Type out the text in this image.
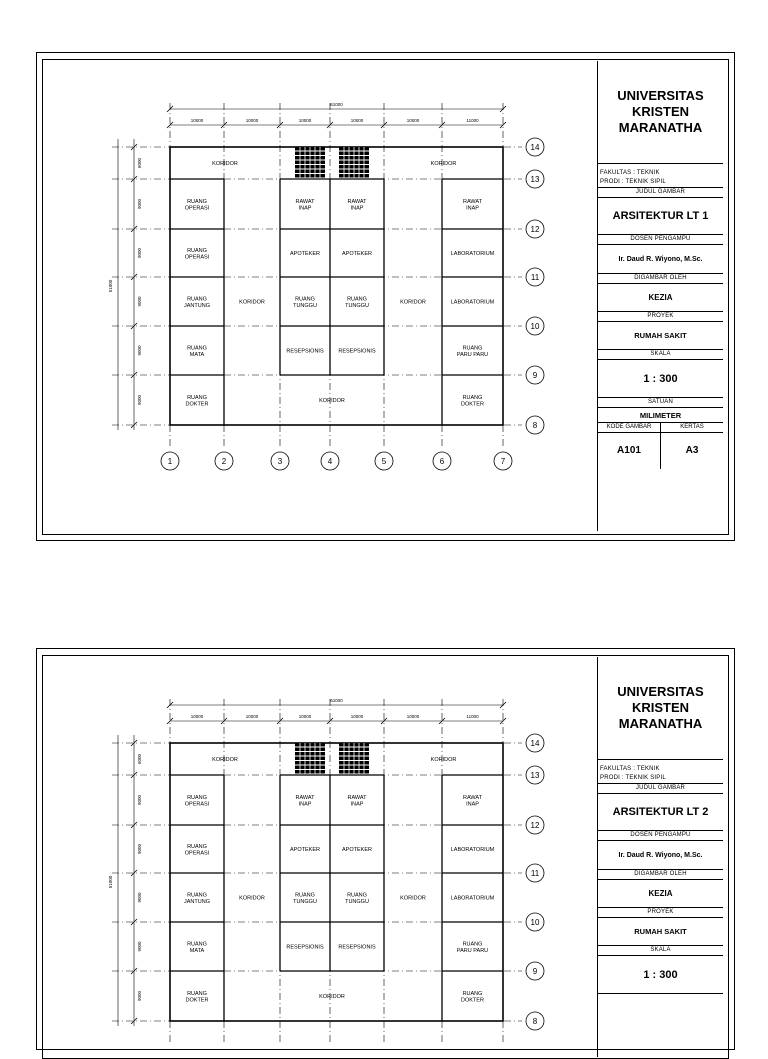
KORIDOR	KORIDOR
RUANG
OPERASI
RAWAT
INAP
RAWAT
INAP
RAWAT
INAP
RUANG
OPERASI
APOTEKER	APOTEKER	LABORATORIUM
RUANG
JANTUNG
KORIDOR
RUANG
TUNGGU
RUANG
TUNGGU
KORIDOR	LABORATORIUM
RUANG
MATA
RESEPSIONIS	RESEPSIONIS
RUANG
PARU PARU
RUANG
DOKTER
KORIDOR
RUANG
DOKTER
61000
10000	10000	10000	10000	10000	11000
51000
6000
9000
9000
9000
9000
9000
14
13
12
11
10
9
8
1	2	3	4	5	6	7
UNIVERSITAS
KRISTEN
MARANATHA
FAKULTAS : TEKNIK
PRODI : TEKNIK SIPIL
JUDUL GAMBAR
ARSITEKTUR LT 1
DOSEN PENGAMPU
Ir. Daud R. Wiyono, M.Sc.
DIGAMBAR OLEH
KEZIA
PROYEK
RUMAH SAKIT
SKALA
1 : 300
SATUAN
MILIMETER
KODE GAMBAR	KERTAS
A101	A3
KORIDOR	KORIDOR
RUANG
OPERASI
RAWAT
INAP
RAWAT
INAP
RAWAT
INAP
RUANG
OPERASI
APOTEKER	APOTEKER	LABORATORIUM
RUANG
JANTUNG
KORIDOR
RUANG
TUNGGU
RUANG
TUNGGU
KORIDOR	LABORATORIUM
RUANG
MATA
RESEPSIONIS	RESEPSIONIS
RUANG
PARU PARU
RUANG
DOKTER
KORIDOR
RUANG
DOKTER
61000
10000	10000	10000	10000	10000	11000
51000
6000
9000
9000
9000
9000
9000
14
13
12
11
10
9
8
UNIVERSITAS
KRISTEN
MARANATHA
FAKULTAS : TEKNIK
PRODI : TEKNIK SIPIL
JUDUL GAMBAR
ARSITEKTUR LT 2
DOSEN PENGAMPU
Ir. Daud R. Wiyono, M.Sc.
DIGAMBAR OLEH
KEZIA
PROYEK
RUMAH SAKIT
SKALA
1 : 300
